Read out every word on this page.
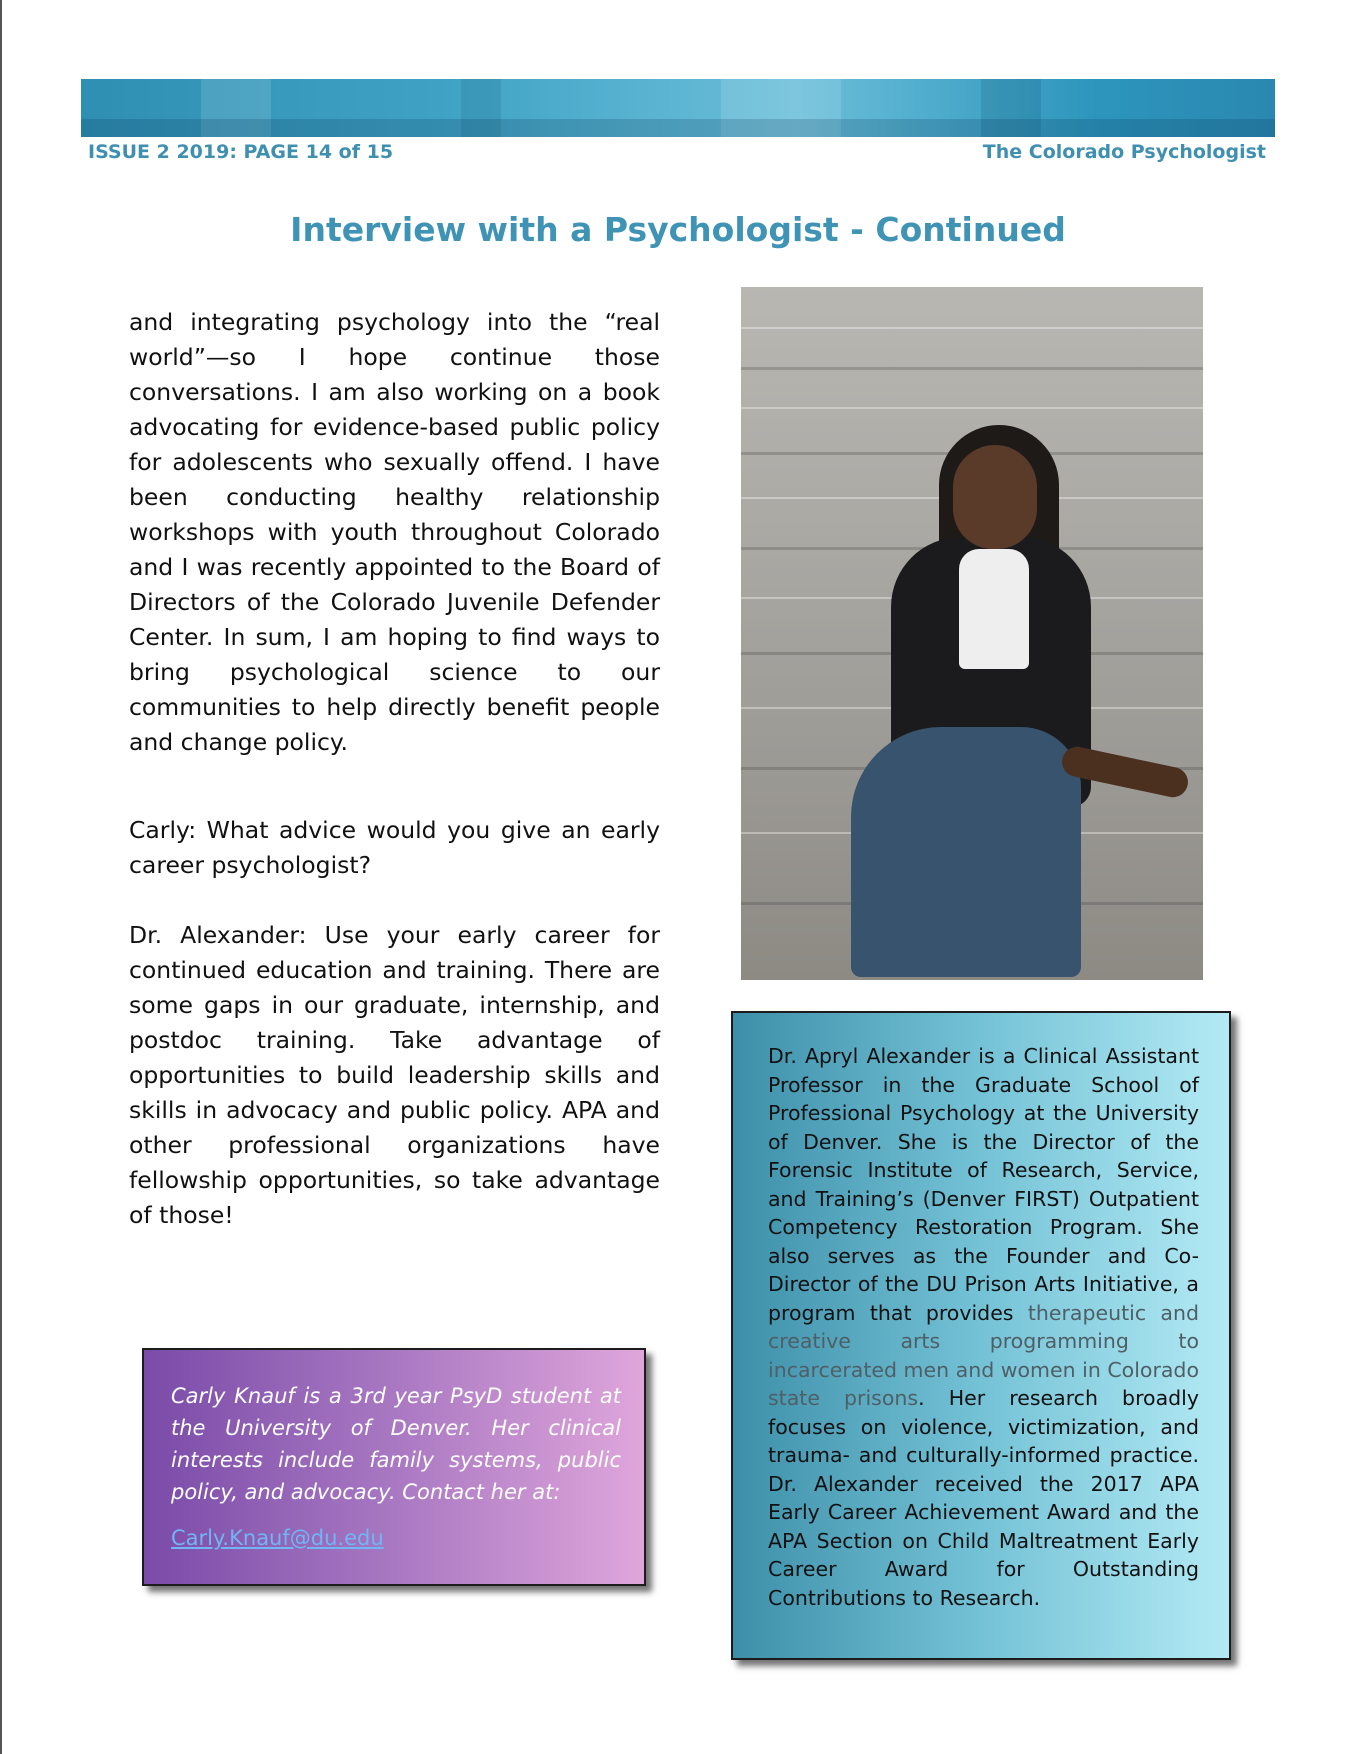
ISSUE 2 2019: PAGE 14 of 15	The Colorado Psychologist
Interview with a Psychologist - Continued

and integrating psychology into the “real world”—so I hope continue those conversations. I am also working on a book advocating for evidence-based public policy for adolescents who sexually offend. I have been conducting healthy relationship workshops with youth throughout Colorado and I was recently appointed to the Board of Directors of the Colorado Juvenile Defender Center. In sum, I am hoping to find ways to bring psychological science to our communities to help directly benefit people and change policy.

Carly: What advice would you give an early career psychologist?

Dr. Alexander: Use your early career for continued education and training. There are some gaps in our graduate, internship, and postdoc training. Take advantage of opportunities to build leadership skills and skills in advocacy and public policy. APA and other professional organizations have fellowship opportunities, so take advantage of those!

Dr. Apryl Alexander is a Clinical Assistant Professor in the Graduate School of Professional Psychology at the University of Denver. She is the Director of the Forensic Institute of Research, Service, and Training’s (Denver FIRST) Outpatient Competency Restoration Program. She also serves as the Founder and Co-Director of the DU Prison Arts Initiative, a program that provides therapeutic and creative arts programming to incarcerated men and women in Colorado state prisons. Her research broadly focuses on violence, victimization, and trauma- and culturally-informed practice. Dr. Alexander received the 2017 APA Early Career Achievement Award and the APA Section on Child Maltreatment Early Career Award for Outstanding Contributions to Research.
Carly Knauf is a 3rd year PsyD student at the University of Denver. Her clinical interests include family systems, public policy, and advocacy. Contact her at:
Carly.Knauf@du.edu
